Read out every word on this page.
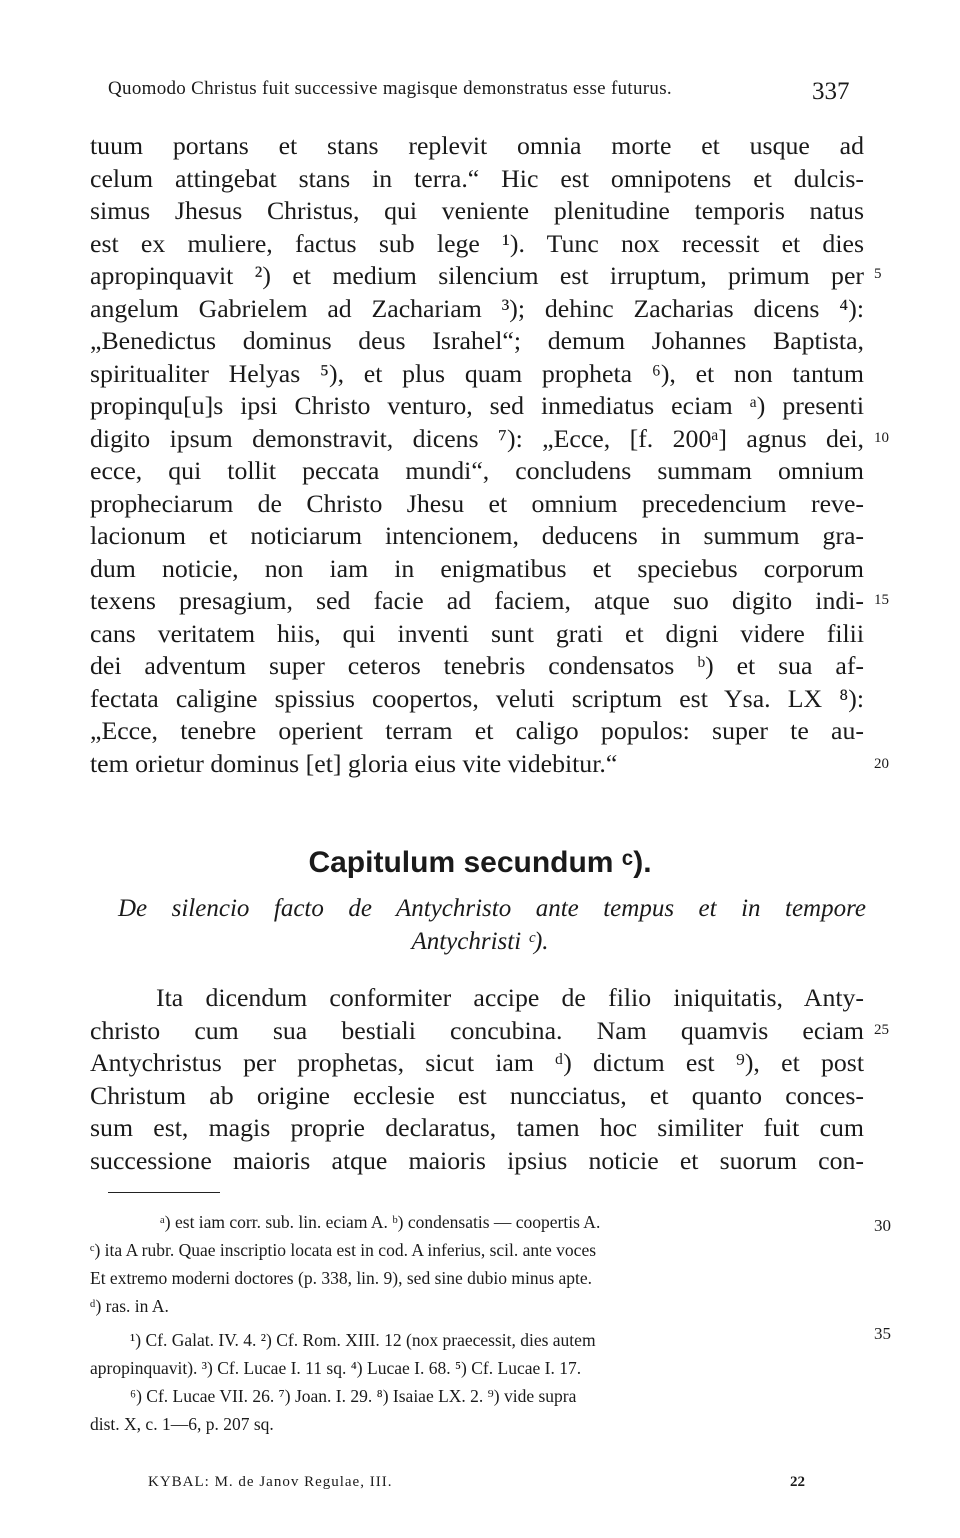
Quomodo Christus fuit successive magisque demonstratus esse futurus.	337
tuum portans et stans replevit omnia morte et usque ad
celum attingebat stans in terra.“ Hic est omnipotens et dulcis-
simus Jhesus Christus, qui veniente plenitudine temporis natus
est ex muliere, factus sub lege ¹). Tunc nox recessit et dies
apropinquavit ²) et medium silencium est irruptum, primum per
angelum Gabrielem ad Zachariam ³); dehinc Zacharias dicens ⁴):
„Benedictus dominus deus Israhel“; demum Johannes Baptista,
spiritualiter Helyas ⁵), et plus quam propheta ⁶), et non tantum
propinqu[u]s ipsi Christo venturo, sed inmediatus eciam ᵃ) presenti
digito ipsum demonstravit, dicens ⁷): „Ecce, [f. 200ᵃ] agnus dei,
ecce, qui tollit peccata mundi“, concludens summam omnium
propheciarum de Christo Jhesu et omnium precedencium reve-
lacionum et noticiarum intencionem, deducens in summum gra-
dum noticie, non iam in enigmatibus et speciebus corporum
texens presagium, sed facie ad faciem, atque suo digito indi-
cans veritatem hiis, qui inventi sunt grati et digni videre filii
dei adventum super ceteros tenebris condensatos ᵇ) et sua af-
fectata caligine spissius coopertos, veluti scriptum est Ysa. LX ⁸):
„Ecce, tenebre operient terram et caligo populos: super te au-
tem orietur dominus [et] gloria eius vite videbitur.“
5
10
15
20
25
30
35
Capitulum secundum ᶜ).
De silencio facto de Antychristo ante tempus et in tempore
Antychristi ᶜ).
Ita dicendum conformiter accipe de filio iniquitatis, Anty-
christo cum sua bestiali concubina. Nam quamvis eciam
Antychristus per prophetas, sicut iam ᵈ) dictum est ⁹), et post
Christum ab origine ecclesie est nuncciatus, et quanto conces-
sum est, magis proprie declaratus, tamen hoc similiter fuit cum
successione maioris atque maioris ipsius noticie et suorum con-
ᵃ) est iam corr. sub. lin. eciam A. ᵇ) condensatis — coopertis A.
ᶜ) ita A rubr. Quae inscriptio locata est in cod. A inferius, scil. ante voces
Et extremo moderni doctores (p. 338, lin. 9), sed sine dubio minus apte.
ᵈ) ras. in A.
¹) Cf. Galat. IV. 4. ²) Cf. Rom. XIII. 12 (nox praecessit, dies autem
apropinquavit). ³) Cf. Lucae I. 11 sq. ⁴) Lucae I. 68. ⁵) Cf. Lucae I. 17.
⁶) Cf. Lucae VII. 26. ⁷) Joan. I. 29. ⁸) Isaiae LX. 2. ⁹) vide supra
dist. X, c. 1—6, p. 207 sq.
KYBAL: M. de Janov Regulae, III.	22
